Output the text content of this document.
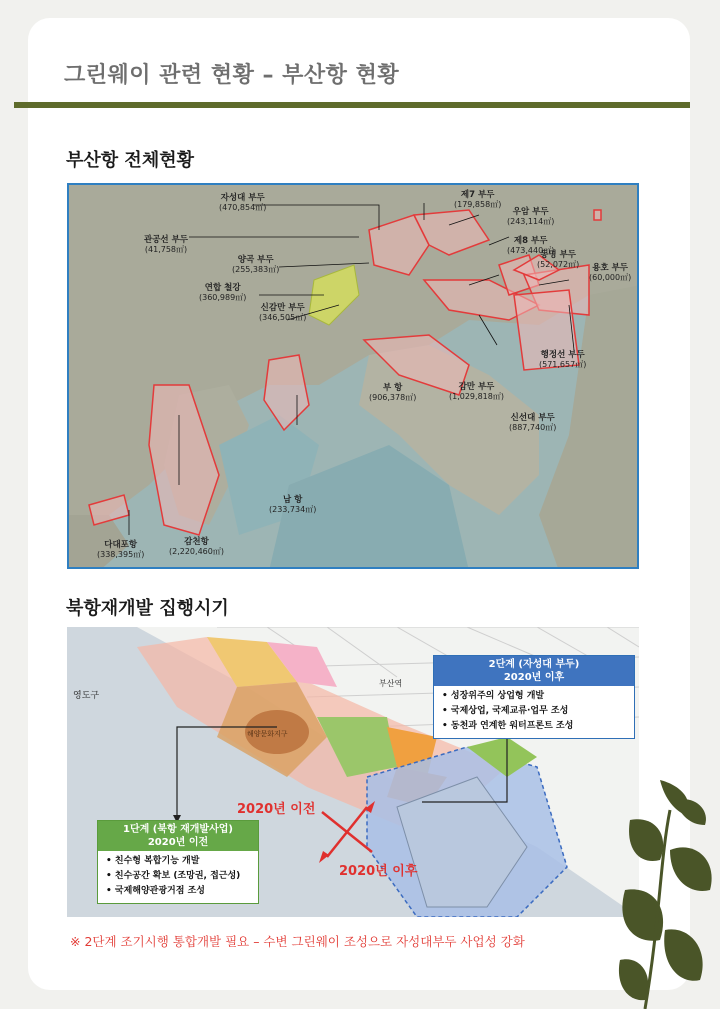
그린웨이 관련 현황 – 부산항 현황
부산항 전체현황
자성대 부두
(470,854㎡)
제7 부두
(179,858㎡)
우암 부두
(243,114㎡)
관공선 부두
(41,758㎡)
제8 부두
(473,440㎡)
동명 부두
(52,072㎡)	용호 부두
(60,000㎡)
양곡 부두
(255,383㎡)
연합 철강
(360,989㎡)
신감만 부두
(346,505㎡)
행정선 부두
(571,657㎡)
감만 부두
(1,029,818㎡)
부 항
(906,378㎡)
신선대 부두
(887,740㎡)
남 항
(233,734㎡)
다대포항
(338,395㎡)
감천항
(2,220,460㎡)
북항재개발 집행시기
영도구
부산역
해양문화지구
2단계 (자성대 부두)
2020년 이후
• 성장위주의 상업형 개발
• 국제상업, 국제교류·업무 조성
• 동천과 연계한 워터프론트 조성
1단계 (북항 재개발사업)
2020년 이전
• 친수형 복합기능 개발
• 친수공간 확보 (조망권, 접근성)
• 국제해양관광거점 조성
2020년 이전
2020년 이후
※ 2단계 조기시행 통합개발 필요 – 수변 그린웨이 조성으로 자성대부두 사업성 강화
